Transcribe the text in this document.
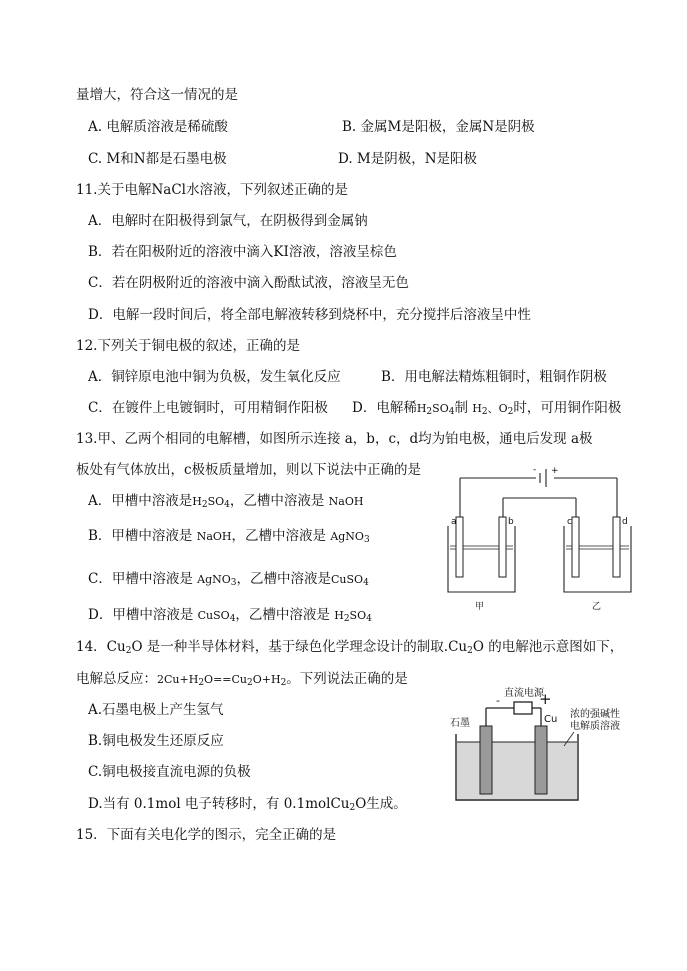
量增大，符合这一情况的是
A. 电解质溶液是稀硫酸	B. 金属M是阳极，金属N是阴极
C. M和N都是石墨电极	D. M是阴极，N是阳极
11.关于电解NaCl水溶液，下列叙述正确的是
A．电解时在阳极得到氯气，在阴极得到金属钠
B．若在阳极附近的溶液中滴入KI溶液，溶液呈棕色
C．若在阴极附近的溶液中滴入酚酞试液，溶液呈无色
D．电解一段时间后，将全部电解液转移到烧杯中，充分搅拌后溶液呈中性
12.下列关于铜电极的叙述，正确的是
A．铜锌原电池中铜为负极，发生氧化反应	B．用电解法精炼粗铜时，粗铜作阴极
C．在镀件上电镀铜时，可用精铜作阳极 D．电解稀$H_2SO_4$制 $H_2$、$O_2$时，可用铜作阳极
13.甲、乙两个相同的电解槽，如图所示连接 a，b，c，d均为铂电极，通电后发现 a极
板处有气体放出，c极板质量增加，则以下说法中正确的是
A．甲槽中溶液是$H_2SO_4$，乙槽中溶液是 NaOH
B．甲槽中溶液是 NaOH，乙槽中溶液是 AgNO$_3$
C．甲槽中溶液是 AgNO$_3$，乙槽中溶液是CuSO$_4$
D．甲槽中溶液是 CuSO$_4$，乙槽中溶液是 $H_2SO_4$
- +
a	b	c	d
甲	乙
14．$Cu_2O$ 是一种半导体材料，基于绿色化学理念设计的制取$.Cu_2O$ 的电解池示意图如下，
电解总反应：$2Cu+H_2O==Cu_2O+H_2$。下列说法正确的是
A.石墨电极上产生氢气
B.铜电极发生还原反应
C.铜电极接直流电源的负极
D.当有 0.1mol 电子转移时，有 0.1molCu$_2$O生成。
直流电源
-	+
石墨	Cu 浓的强碱性
电解质溶液
15．下面有关电化学的图示，完全正确的是
